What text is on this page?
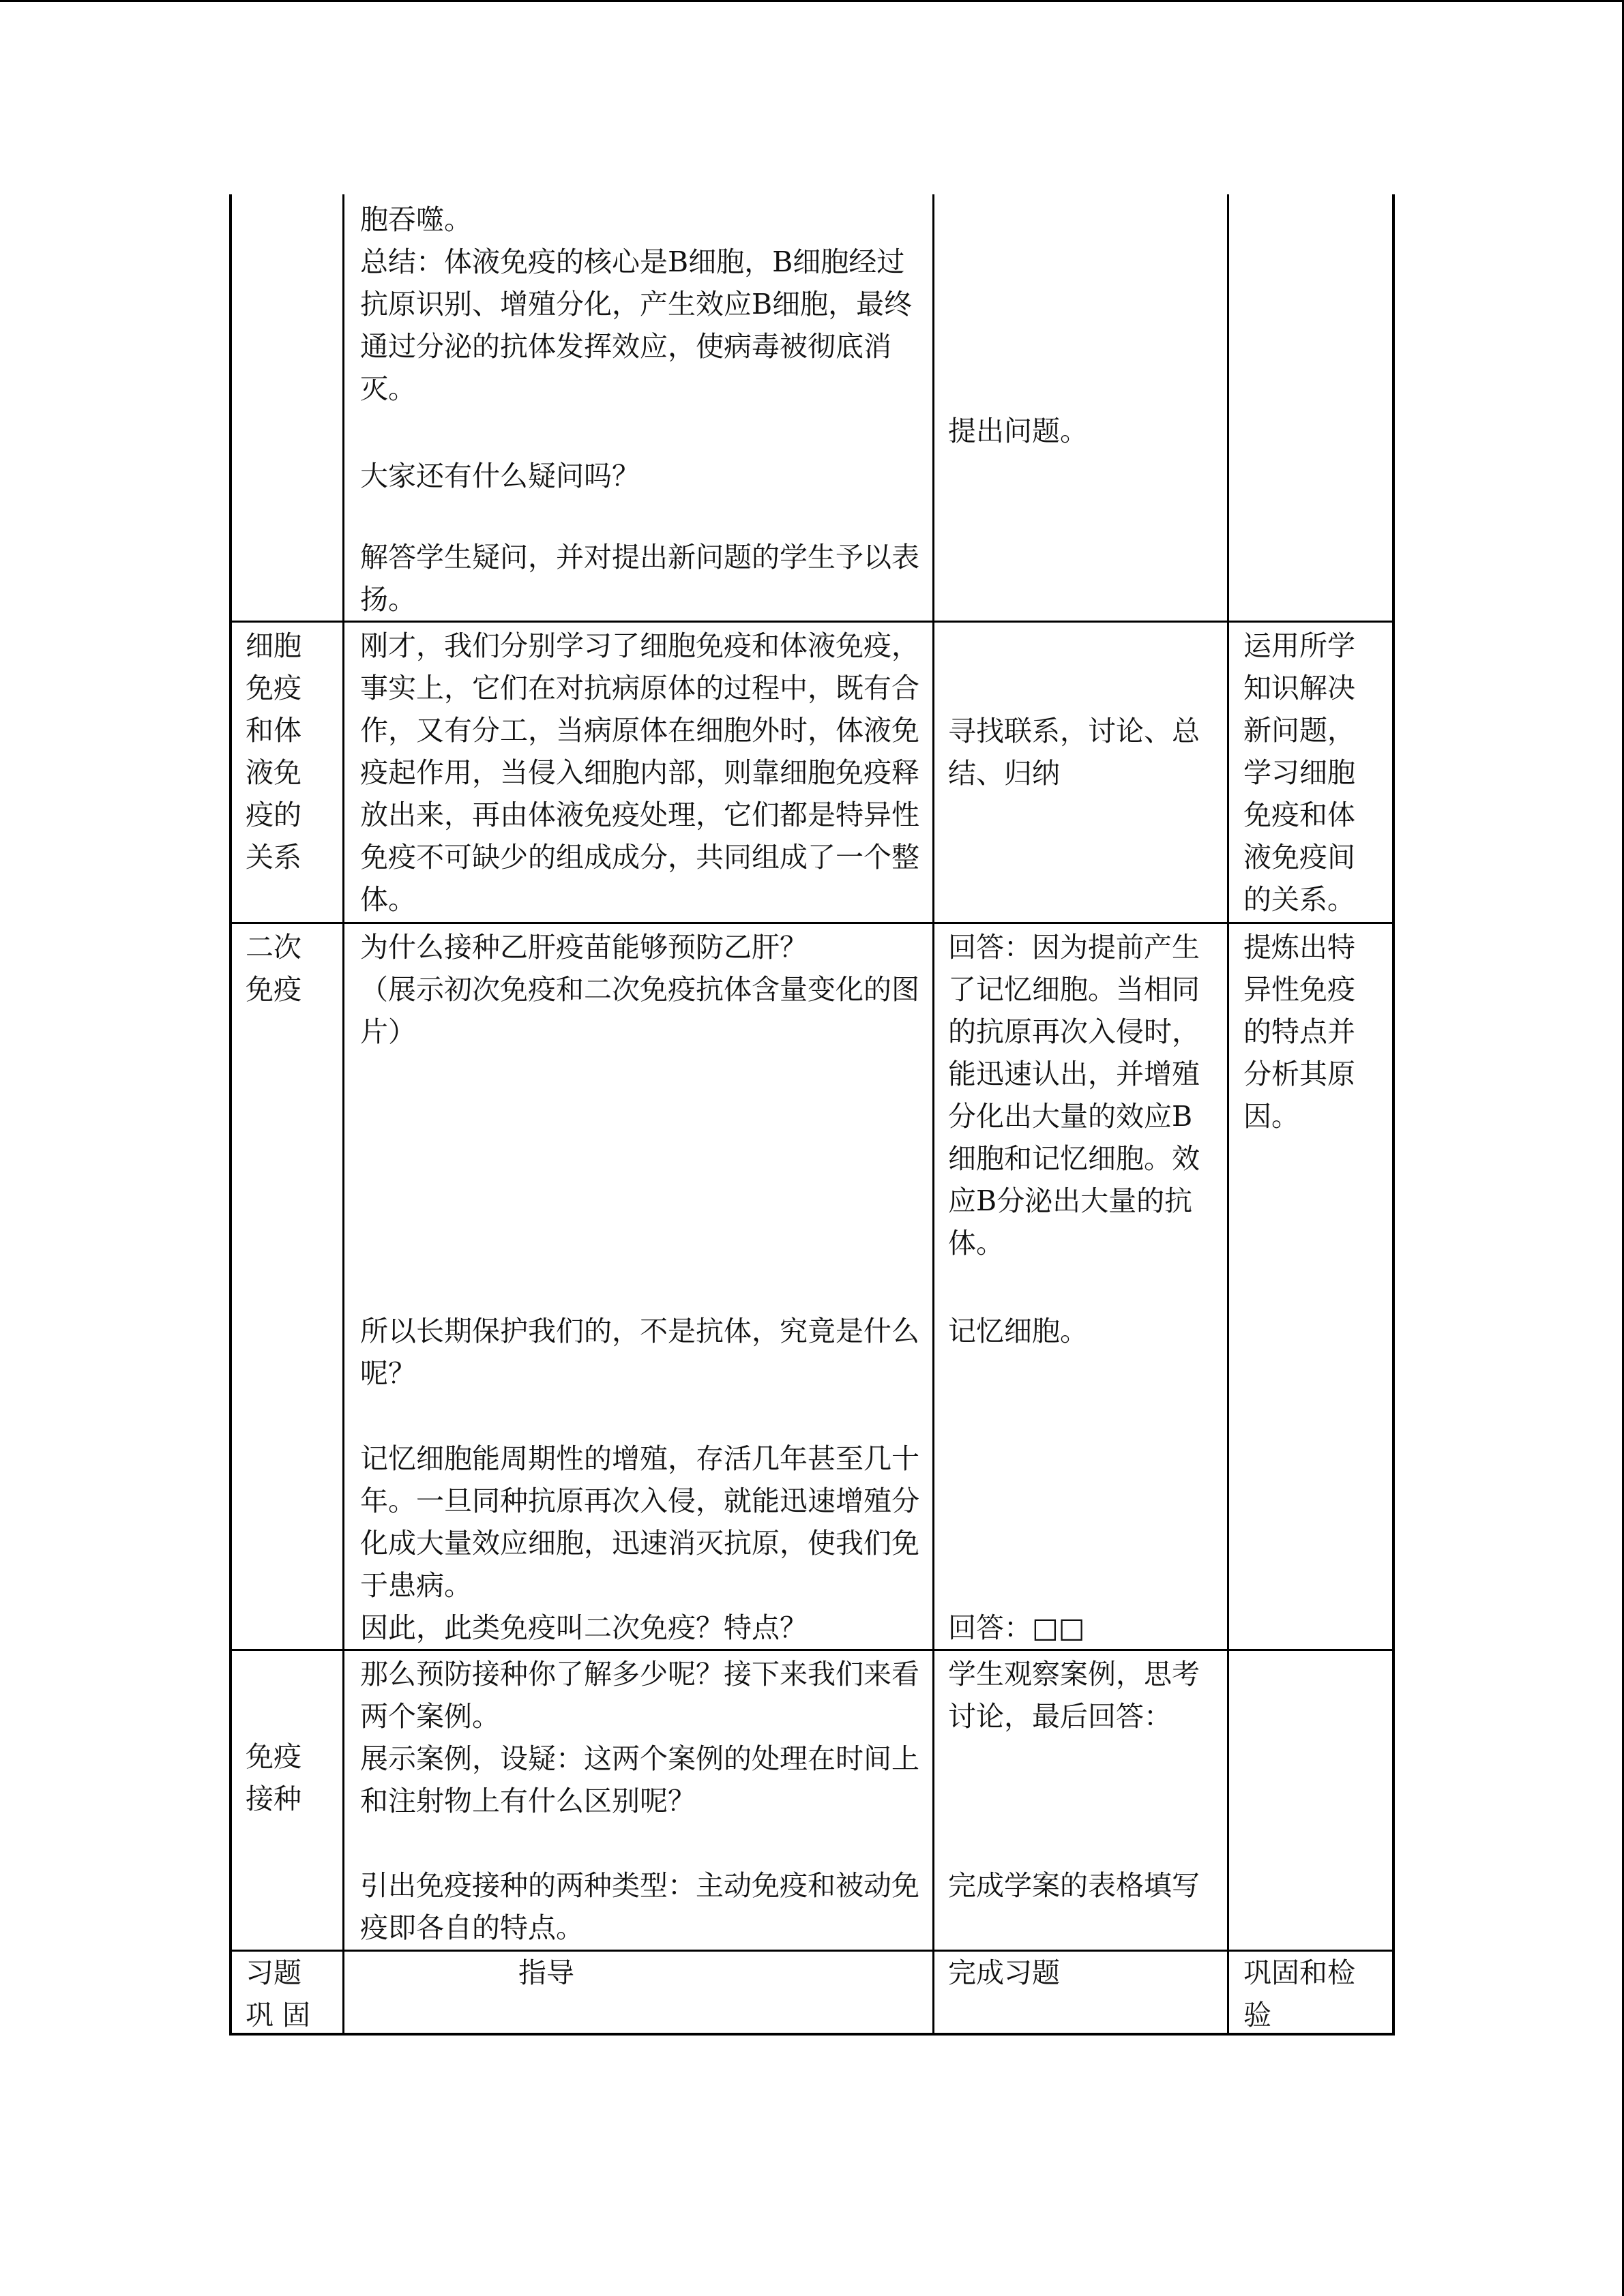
胞吞噬。
总结：体液免疫的核心是B细胞，B细胞经过抗原识别、增殖分化，产生效应B细胞，最终通过分泌的抗体发挥效应，使病毒被彻底消灭。
大家还有什么疑问吗？
解答学生疑问，并对提出新问题的学生予以表扬。
提出问题。
细胞
免疫
和体
液免
疫的
关系
刚才，我们分别学习了细胞免疫和体液免疫，事实上，它们在对抗病原体的过程中，既有合作，又有分工，当病原体在细胞外时，体液免疫起作用，当侵入细胞内部，则靠细胞免疫释放出来，再由体液免疫处理，它们都是特异性免疫不可缺少的组成成分，共同组成了一个整体。
寻找联系，讨论、总结、归纳
运用所学
知识解决
新问题，
学习细胞
免疫和体
液免疫间
的关系。
二次
免疫
为什么接种乙肝疫苗能够预防乙肝？
（展示初次免疫和二次免疫抗体含量变化的图片）
所以长期保护我们的，不是抗体，究竟是什么呢？
记忆细胞能周期性的增殖，存活几年甚至几十年。一旦同种抗原再次入侵，就能迅速增殖分化成大量效应细胞，迅速消灭抗原，使我们免于患病。
因此，此类免疫叫二次免疫？特点？
回答：因为提前产生了记忆细胞。当相同的抗原再次入侵时，能迅速认出，并增殖分化出大量的效应B细胞和记忆细胞。效应B分泌出大量的抗体。
记忆细胞。
回答：□□
提炼出特
异性免疫
的特点并
分析其原
因。
免疫
接种
那么预防接种你了解多少呢？接下来我们来看两个案例。
展示案例，设疑：这两个案例的处理在时间上和注射物上有什么区别呢？
引出免疫接种的两种类型：主动免疫和被动免疫即各自的特点。
学生观察案例，思考讨论，最后回答：
完成学案的表格填写
习题
巩 固
指导	完成习题	巩固和检
验
